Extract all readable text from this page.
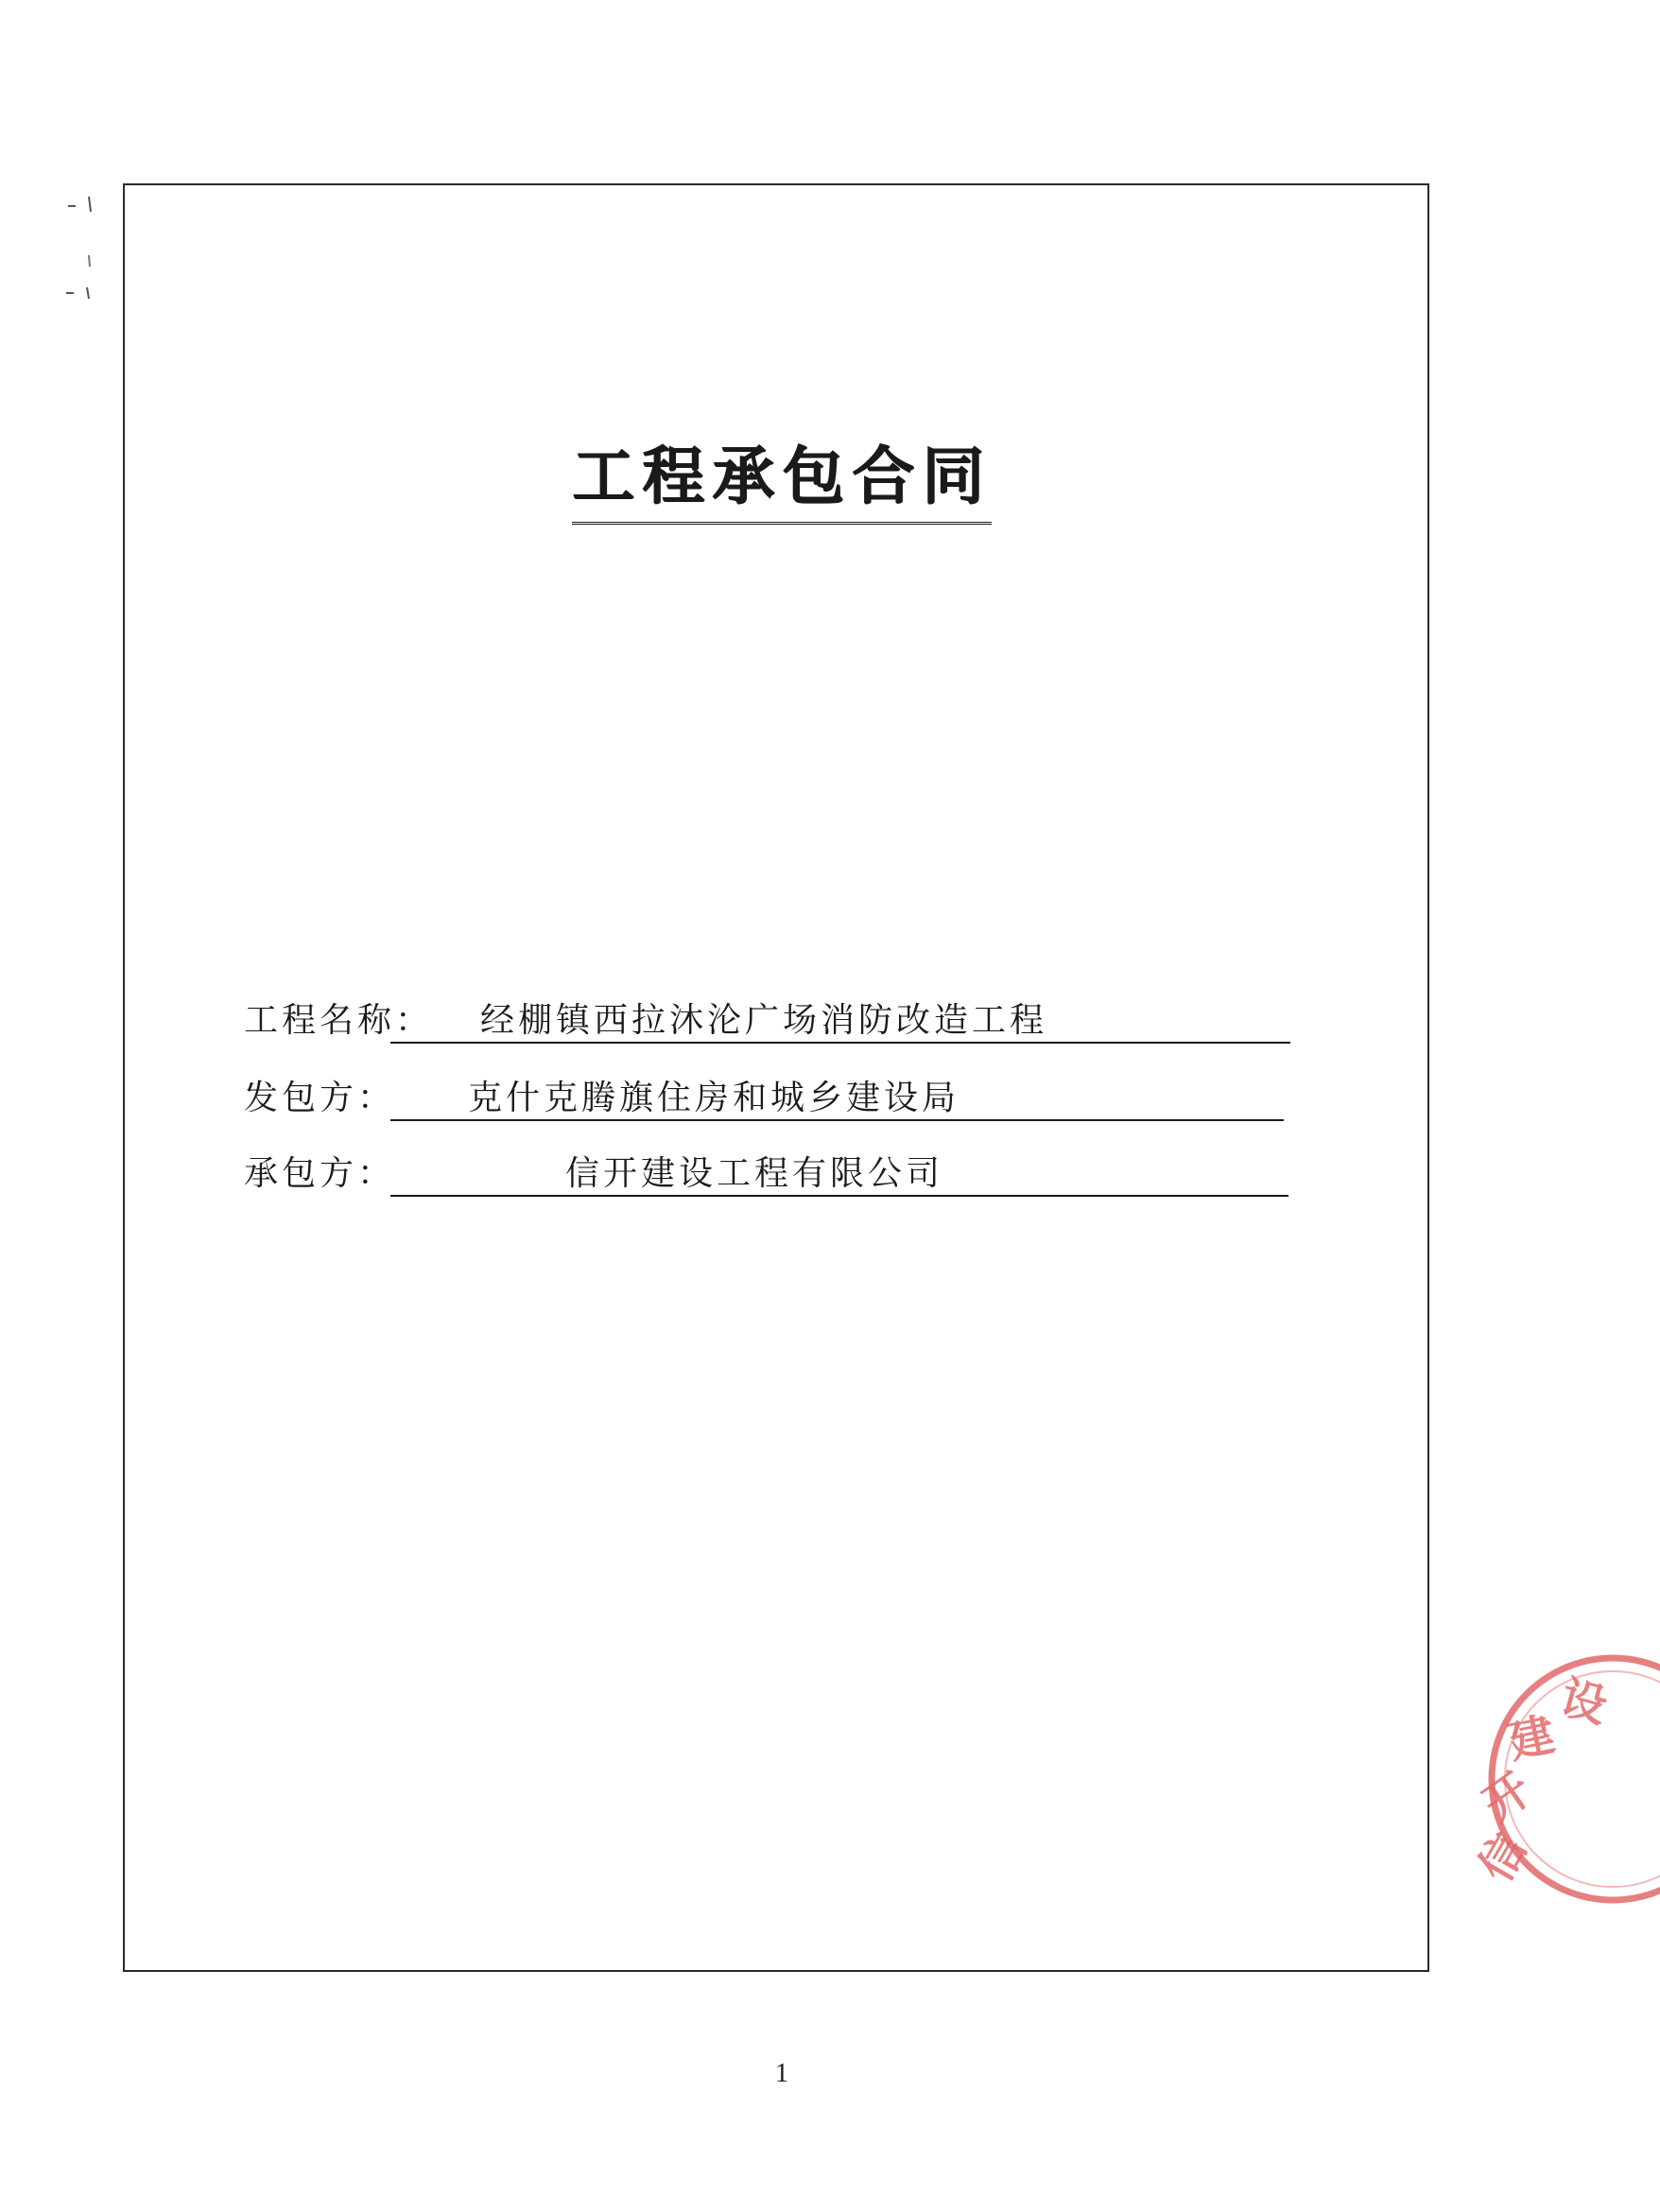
工程承包合同
工程名称： 经棚镇西拉沐沦广场消防改造工程
发包方： 克什克腾旗住房和城乡建设局
承包方：	信开建设工程有限公司
信
开
建
设
1
